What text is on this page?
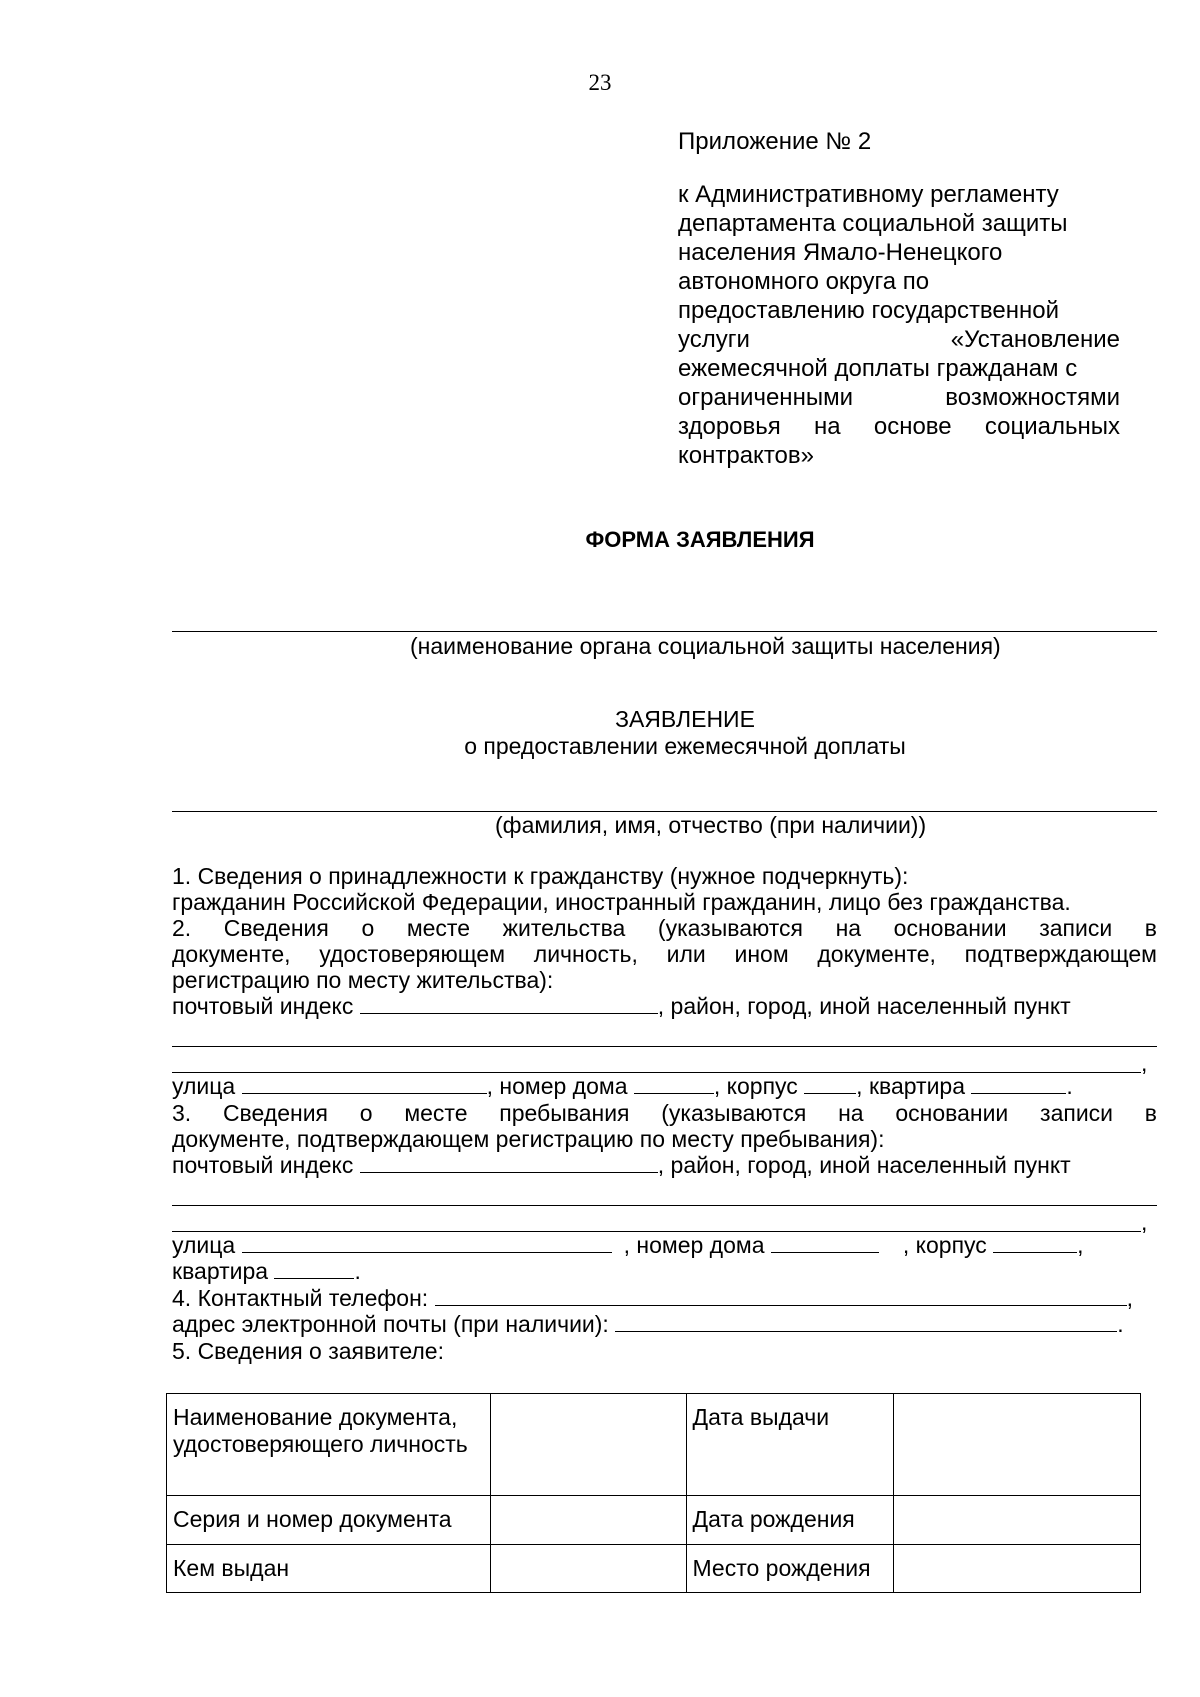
23
Приложение № 2
к Административному регламенту
департамента социальной защиты
населения Ямало-Ненецкого
автономного округа по
предоставлению государственной
услуги «Установление
ежемесячной доплаты гражданам с
ограниченными возможностями
здоровья на основе социальных
контрактов»
ФОРМА ЗАЯВЛЕНИЯ
(наименование органа социальной защиты населения)
ЗАЯВЛЕНИЕ
о предоставлении ежемесячной доплаты
(фамилия, имя, отчество (при наличии))
1. Сведения о принадлежности к гражданству (нужное подчеркнуть):
гражданин Российской Федерации, иностранный гражданин, лицо без гражданства.
2. Сведения о месте жительства (указываются на основании записи в
документе, удостоверяющем личность, или ином документе, подтверждающем
регистрацию по месту жительства):
почтовый индекс	, район, город, иной населенный пункт
,
улица	, номер дома	, корпус	, квартира	.
3. Сведения о месте пребывания (указываются на основании записи в
документе, подтверждающем регистрацию по месту пребывания):
почтовый индекс	, район, город, иной населенный пункт
,
улица	, номер дома	, корпус	,
квартира	.
4. Контактный телефон:	,
адрес электронной почты (при наличии):	.
5. Сведения о заявителе:
Наименование документа, удостоверяющего личность		Дата выдачи	
Серия и номер документа		Дата рождения	
Кем выдан		Место рождения	
